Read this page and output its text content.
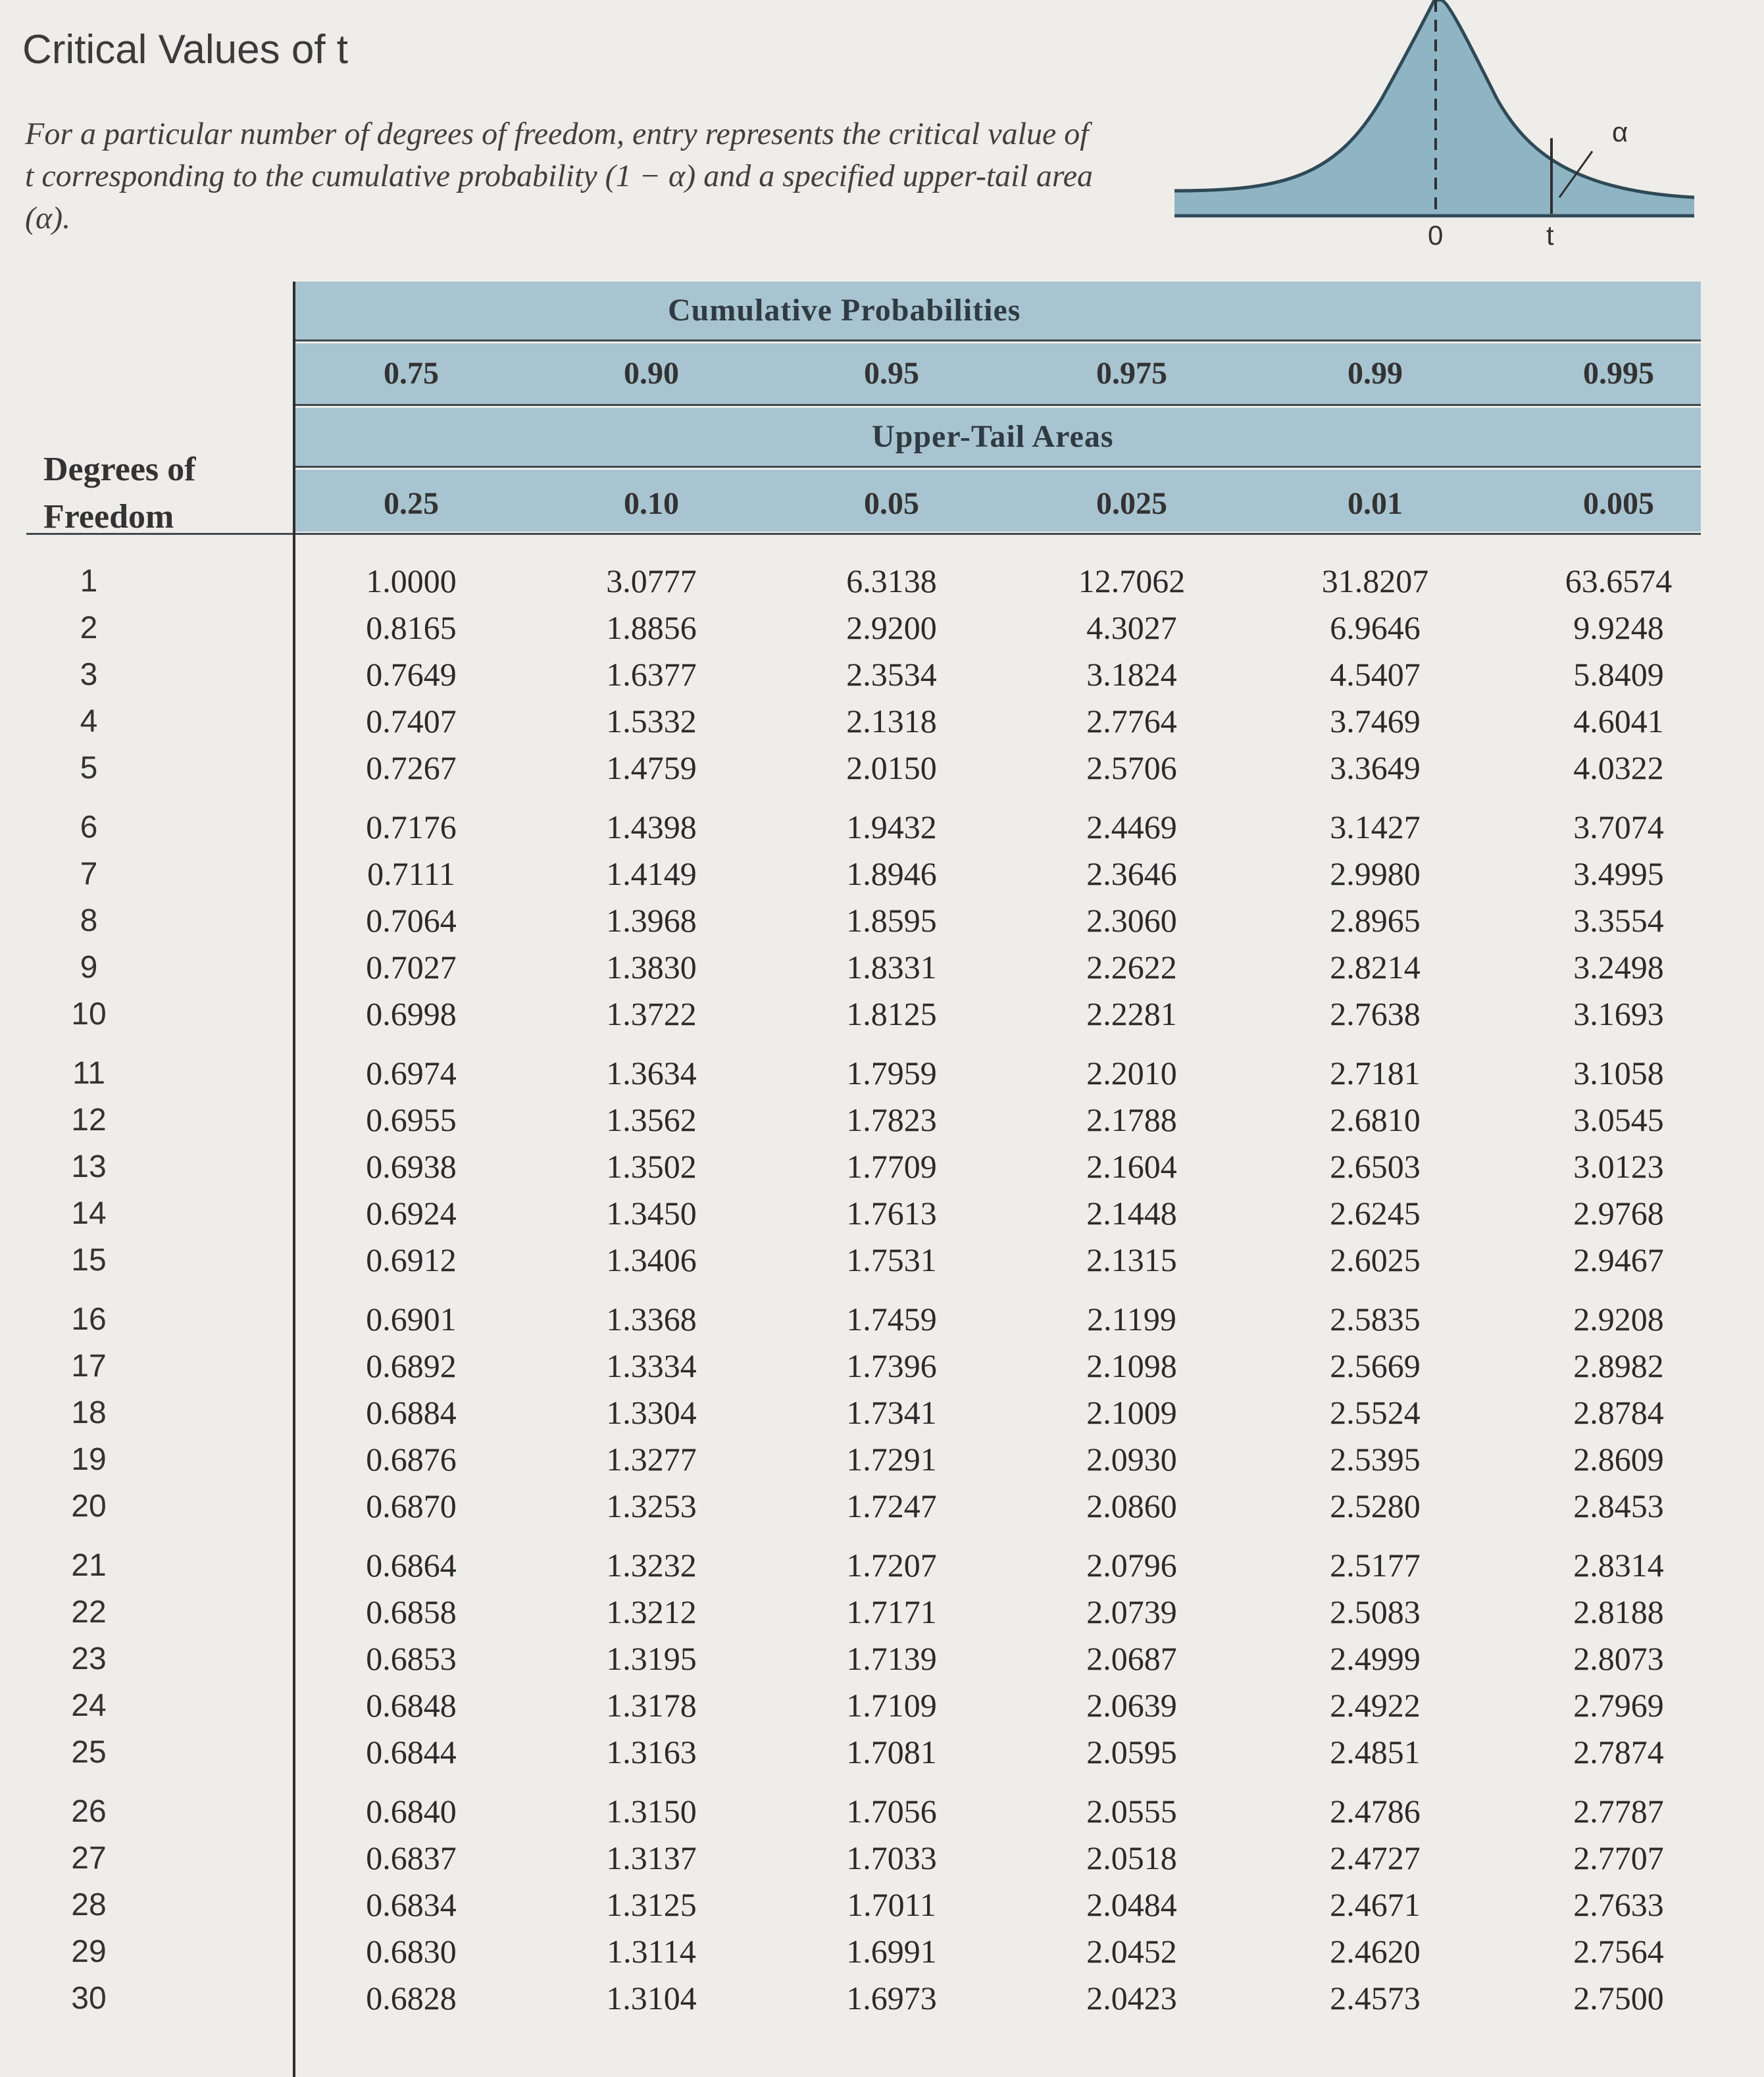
Critical Values of t
For a particular number of degrees of freedom, entry represents the critical value of t corresponding to the cumulative probability (1 − α) and a specified upper-tail area (α).
α
0	t
Cumulative Probabilities
Upper-Tail Areas
Degrees of
Freedom
0.75	0.90	0.95	0.975	0.99	0.995
0.25	0.10	0.05	0.025	0.01	0.005
1	1.0000	3.0777	6.3138	12.7062	31.8207	63.6574
2	0.8165	1.8856	2.9200	4.3027	6.9646	9.9248
3	0.7649	1.6377	2.3534	3.1824	4.5407	5.8409
4	0.7407	1.5332	2.1318	2.7764	3.7469	4.6041
5	0.7267	1.4759	2.0150	2.5706	3.3649	4.0322
6	0.7176	1.4398	1.9432	2.4469	3.1427	3.7074
7	0.7111	1.4149	1.8946	2.3646	2.9980	3.4995
8	0.7064	1.3968	1.8595	2.3060	2.8965	3.3554
9	0.7027	1.3830	1.8331	2.2622	2.8214	3.2498
10	0.6998	1.3722	1.8125	2.2281	2.7638	3.1693
11	0.6974	1.3634	1.7959	2.2010	2.7181	3.1058
12	0.6955	1.3562	1.7823	2.1788	2.6810	3.0545
13	0.6938	1.3502	1.7709	2.1604	2.6503	3.0123
14	0.6924	1.3450	1.7613	2.1448	2.6245	2.9768
15	0.6912	1.3406	1.7531	2.1315	2.6025	2.9467
16	0.6901	1.3368	1.7459	2.1199	2.5835	2.9208
17	0.6892	1.3334	1.7396	2.1098	2.5669	2.8982
18	0.6884	1.3304	1.7341	2.1009	2.5524	2.8784
19	0.6876	1.3277	1.7291	2.0930	2.5395	2.8609
20	0.6870	1.3253	1.7247	2.0860	2.5280	2.8453
21	0.6864	1.3232	1.7207	2.0796	2.5177	2.8314
22	0.6858	1.3212	1.7171	2.0739	2.5083	2.8188
23	0.6853	1.3195	1.7139	2.0687	2.4999	2.8073
24	0.6848	1.3178	1.7109	2.0639	2.4922	2.7969
25	0.6844	1.3163	1.7081	2.0595	2.4851	2.7874
26	0.6840	1.3150	1.7056	2.0555	2.4786	2.7787
27	0.6837	1.3137	1.7033	2.0518	2.4727	2.7707
28	0.6834	1.3125	1.7011	2.0484	2.4671	2.7633
29	0.6830	1.3114	1.6991	2.0452	2.4620	2.7564
30	0.6828	1.3104	1.6973	2.0423	2.4573	2.7500
